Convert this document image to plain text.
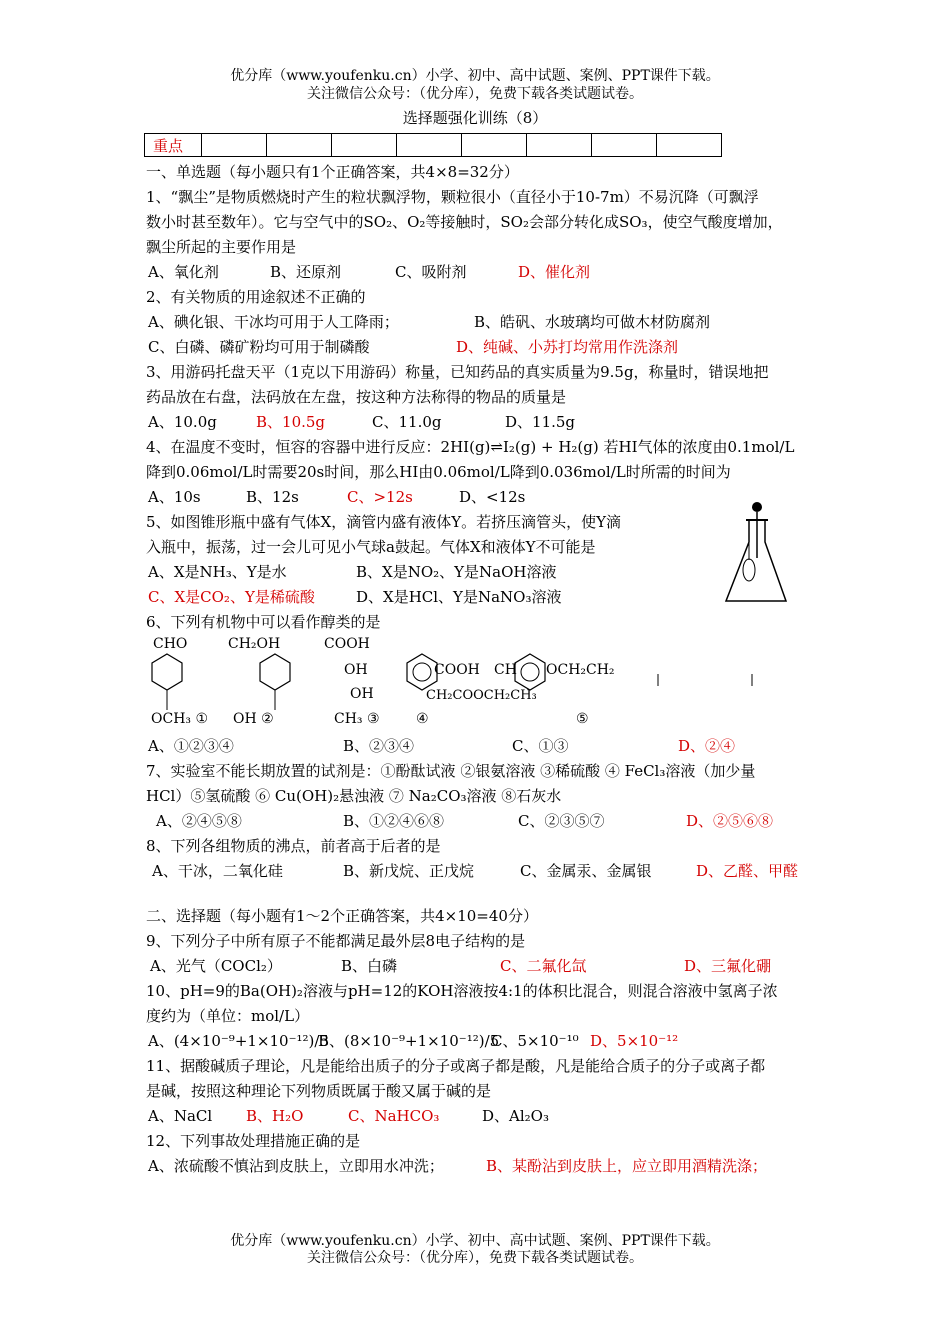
优分库（www.youfenku.cn）小学、初中、高中试题、案例、PPT课件下载。
关注微信公众号：（优分库），免费下载各类试题试卷。
选择题强化训练（8）
重点								
一、单选题（每小题只有1个正确答案，共4×8=32分）
1、“飘尘”是物质燃烧时产生的粒状飘浮物，颗粒很小（直径小于10-7m）不易沉降（可飘浮
数小时甚至数年）。它与空气中的SO₂、O₂等接触时，SO₂会部分转化成SO₃，使空气酸度增加，
飘尘所起的主要作用是
A、氧化剂	B、还原剂	C、吸附剂	D、催化剂
2、有关物质的用途叙述不正确的
A、碘化银、干冰均可用于人工降雨；	B、皓矾、水玻璃均可做木材防腐剂
C、白磷、磷矿粉均可用于制磷酸	D、纯碱、小苏打均常用作洗涤剂
3、用游码托盘天平（1克以下用游码）称量，已知药品的真实质量为9.5g，称量时，错误地把
药品放在右盘，法码放在左盘，按这种方法称得的物品的质量是
A、10.0g	B、10.5g	C、11.0g	D、11.5g
4、在温度不变时，恒容的容器中进行反应：2HI(g)⇌I₂(g) + H₂(g) 若HI气体的浓度由0.1mol/L
降到0.06mol/L时需要20s时间，那么HI由0.06mol/L降到0.036mol/L时所需的时间为
A、10s	B、12s	C、>12s	D、<12s
5、如图锥形瓶中盛有气体X，滴管内盛有液体Y。若挤压滴管头，使Y滴
入瓶中，振荡，过一会儿可见小气球a鼓起。气体X和液体Y不可能是
A、X是NH₃、Y是水	B、X是NO₂、Y是NaOH溶液
C、X是CO₂、Y是稀硫酸	D、X是HCl、Y是NaNO₃溶液
6、下列有机物中可以看作醇类的是
CHO
OCH₃ ①
CH₂OH
OH ②
COOH
OH
OH
CH₃ ③
COOH
④
CH₂COOCH₂CH₃
CH OCH₂CH₂
⑤
A、①②③④	B、②③④	C、①③	D、②④
7、实验室不能长期放置的试剂是：①酚酞试液 ②银氨溶液 ③稀硫酸 ④ FeCl₃溶液（加少量
HCl）⑤氢硫酸 ⑥ Cu(OH)₂悬浊液 ⑦ Na₂CO₃溶液 ⑧石灰水
A、②④⑤⑧	B、①②④⑥⑧	C、②③⑤⑦	D、②⑤⑥⑧
8、下列各组物质的沸点，前者高于后者的是
A、干冰，二氧化硅	B、新戊烷、正戊烷	C、金属汞、金属银	D、乙醛、甲醛
二、选择题（每小题有1～2个正确答案，共4×10=40分）
9、下列分子中所有原子不能都满足最外层8电子结构的是
A、光气（COCl₂）	B、白磷	C、二氟化氙	D、三氟化硼
10、pH=9的Ba(OH)₂溶液与pH=12的KOH溶液按4:1的体积比混合，则混合溶液中氢离子浓
度约为（单位：mol/L）
A、(4×10⁻⁹+1×10⁻¹²)/5
B、(8×10⁻⁹+1×10⁻¹²)/5
C、5×10⁻¹⁰ D、5×10⁻¹²
11、据酸碱质子理论，凡是能给出质子的分子或离子都是酸，凡是能给合质子的分子或离子都
是碱，按照这种理论下列物质既属于酸又属于碱的是
A、NaCl B、H₂O	C、NaHCO₃	D、Al₂O₃
12、下列事故处理措施正确的是
A、浓硫酸不慎沾到皮肤上，立即用水冲洗；	B、某酚沾到皮肤上，应立即用酒精洗涤；
优分库（www.youfenku.cn）小学、初中、高中试题、案例、PPT课件下载。
关注微信公众号：（优分库），免费下载各类试题试卷。
